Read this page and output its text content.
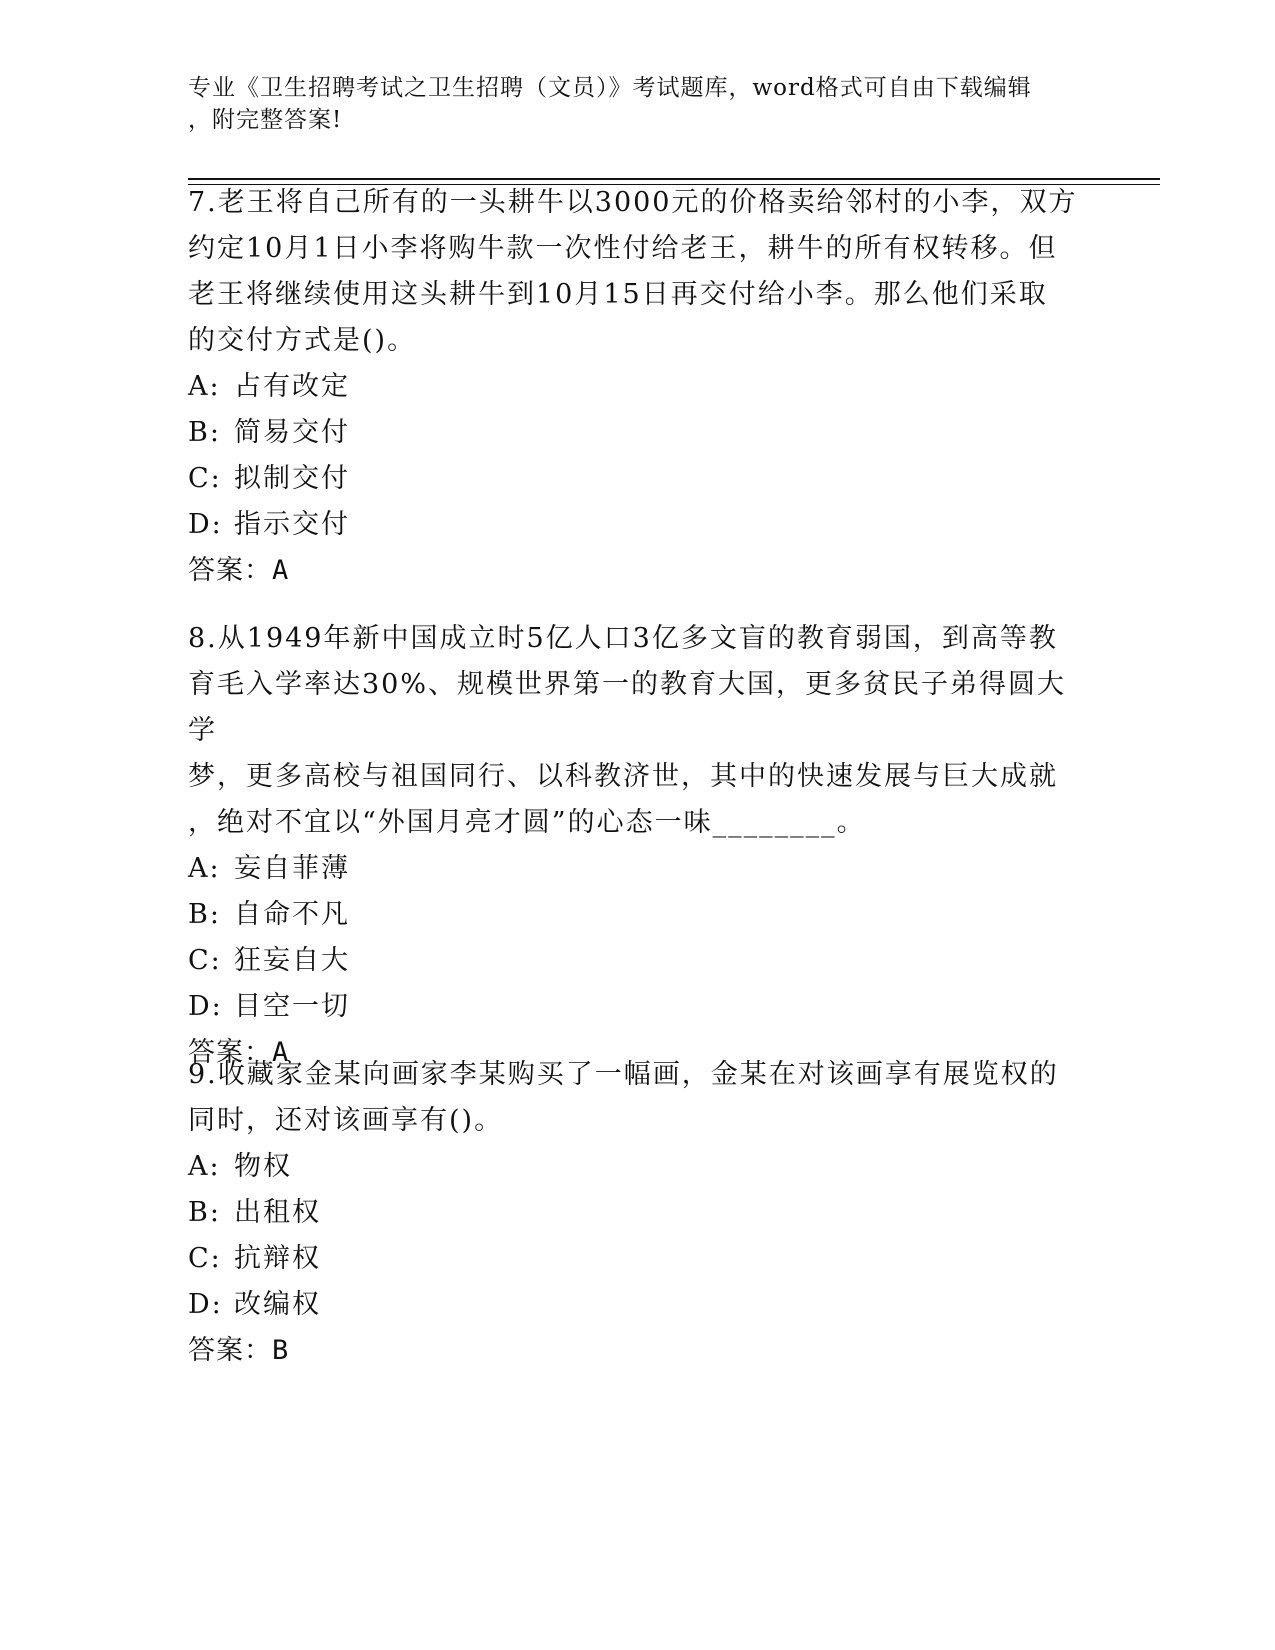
专业《卫生招聘考试之卫生招聘（文员）》考试题库，word格式可自由下载编辑
，附完整答案!
7.老王将自己所有的一头耕牛以3000元的价格卖给邻村的小李，双方
约定10月1日小李将购牛款一次性付给老王，耕牛的所有权转移。但
老王将继续使用这头耕牛到10月15日再交付给小李。那么他们采取
的交付方式是()。
A: 占有改定
B: 简易交付
C: 拟制交付
D: 指示交付
答案：A
8.从1949年新中国成立时5亿人口3亿多文盲的教育弱国，到高等教
育毛入学率达30%、规模世界第一的教育大国，更多贫民子弟得圆大学
梦，更多高校与祖国同行、以科教济世，其中的快速发展与巨大成就
，绝对不宜以“外国月亮才圆”的心态一味________。
A: 妄自菲薄
B: 自命不凡
C: 狂妄自大
D: 目空一切
答案：A
9.收藏家金某向画家李某购买了一幅画，金某在对该画享有展览权的
同时，还对该画享有()。
A: 物权
B: 出租权
C: 抗辩权
D: 改编权
答案：B
